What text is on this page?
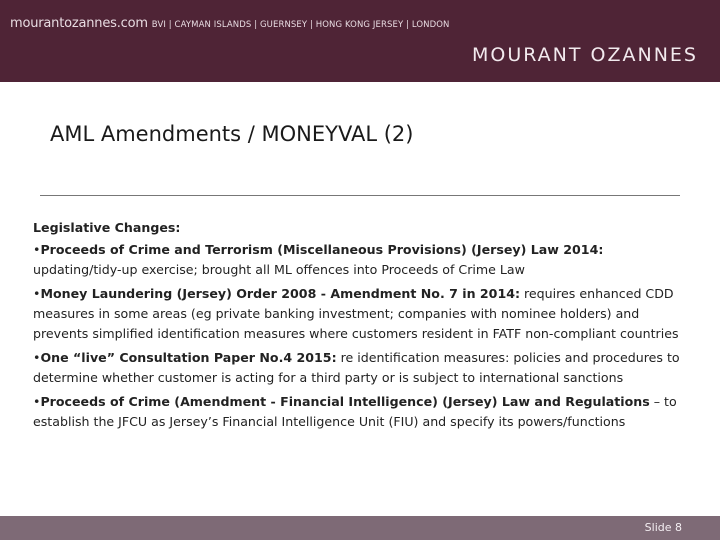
mourantozannes.com BVI | CAYMAN ISLANDS | GUERNSEY | HONG KONG JERSEY | LONDON
MOURANT OZANNES
AML Amendments / MONEYVAL (2)
Legislative Changes:

•Proceeds of Crime and Terrorism (Miscellaneous Provisions) (Jersey) Law 2014: updating/tidy-up exercise; brought all ML offences into Proceeds of Crime Law

•Money Laundering (Jersey) Order 2008 - Amendment No. 7 in 2014: requires enhanced CDD measures in some areas (eg private banking investment; companies with nominee holders) and prevents simplified identification measures where customers resident in FATF non-compliant countries

•One “live” Consultation Paper No.4 2015: re identification measures: policies and procedures to determine whether customer is acting for a third party or is subject to international sanctions

•Proceeds of Crime (Amendment - Financial Intelligence) (Jersey) Law and Regulations – to establish the JFCU as Jersey’s Financial Intelligence Unit (FIU) and specify its powers/functions

Slide 8
